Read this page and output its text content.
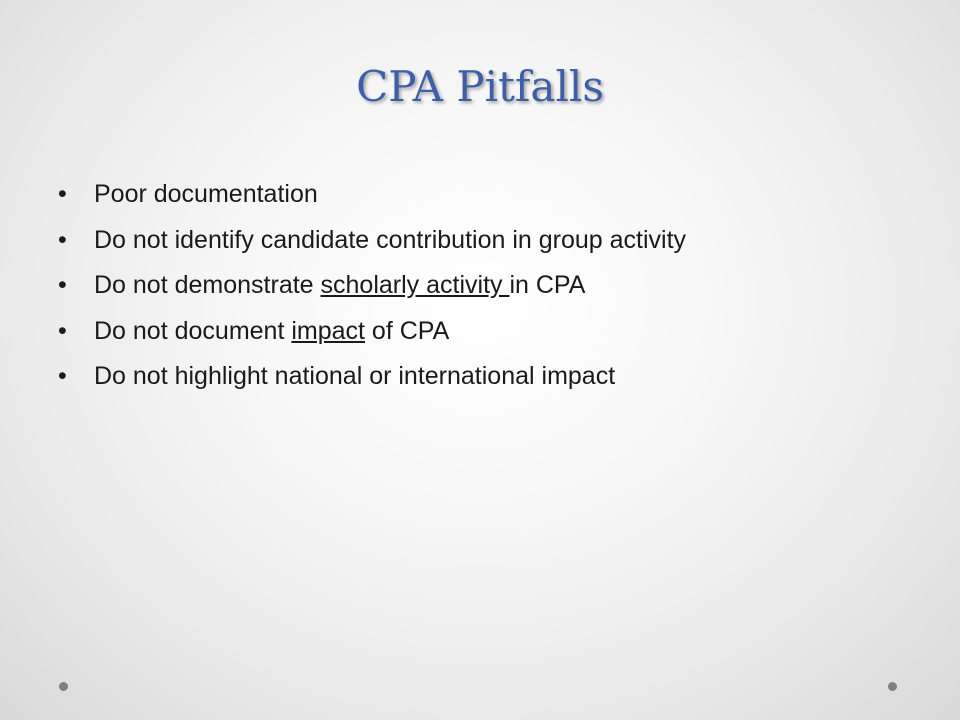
CPA Pitfalls
•	Poor documentation
•	Do not identify candidate contribution in group activity
•	Do not demonstrate scholarly activity in CPA
•	Do not document impact of CPA
•	Do not highlight national or international impact
